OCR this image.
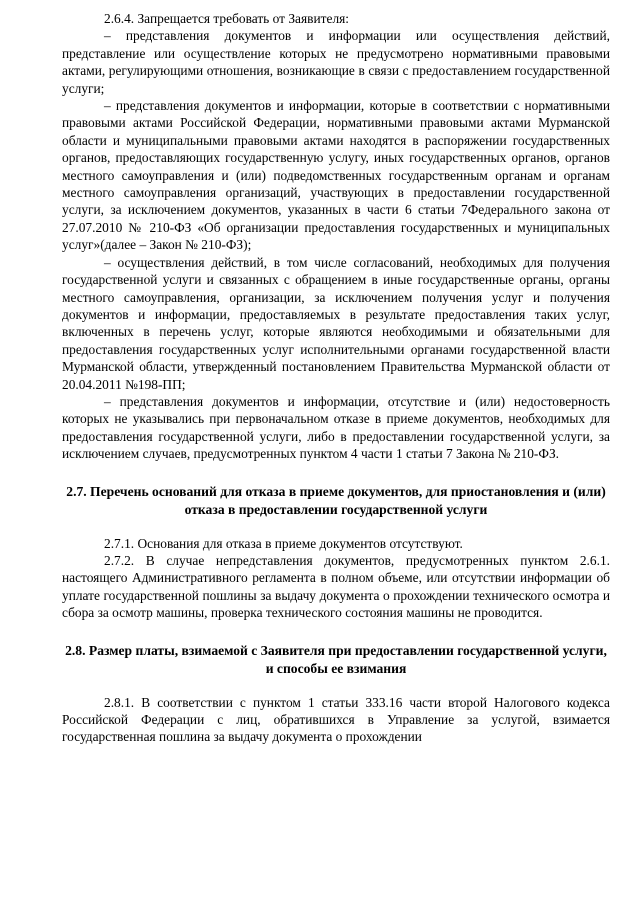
2.6.4. Запрещается требовать от Заявителя:

– представления документов и информации или осуществления действий, представление или осуществление которых не предусмотрено нормативными правовыми актами, регулирующими отношения, возникающие в связи с предоставлением государственной услуги;

– представления документов и информации, которые в соответствии с нормативными правовыми актами Российской Федерации, нормативными правовыми актами Мурманской области и муниципальными правовыми актами находятся в распоряжении государственных органов, предоставляющих государственную услугу, иных государственных органов, органов местного самоуправления и (или) подведомственных государственным органам и органам местного самоуправления организаций, участвующих в предоставлении государственной услуги, за исключением документов, указанных в части 6 статьи 7Федерального закона от 27.07.2010 № 210-ФЗ «Об организации предоставления государственных и муниципальных услуг»(далее – Закон № 210-ФЗ);

– осуществления действий, в том числе согласований, необходимых для получения государственной услуги и связанных с обращением в иные государственные органы, органы местного самоуправления, организации, за исключением получения услуг и получения документов и информации, предоставляемых в результате предоставления таких услуг, включенных в перечень услуг, которые являются необходимыми и обязательными для предоставления государственных услуг исполнительными органами государственной власти Мурманской области, утвержденный постановлением Правительства Мурманской области от 20.04.2011 №198-ПП;

– представления документов и информации, отсутствие и (или) недостоверность которых не указывались при первоначальном отказе в приеме документов, необходимых для предоставления государственной услуги, либо в предоставлении государственной услуги, за исключением случаев, предусмотренных пунктом 4 части 1 статьи 7 Закона № 210-ФЗ.

2.7. Перечень оснований для отказа в приеме документов, для приостановления и (или) отказа в предоставлении государственной услуги

2.7.1. Основания для отказа в приеме документов отсутствуют.

2.7.2. В случае непредставления документов, предусмотренных пунктом 2.6.1. настоящего Административного регламента в полном объеме, или отсутствии информации об уплате государственной пошлины за выдачу документа о прохождении технического осмотра и сбора за осмотр машины, проверка технического состояния машины не проводится.

2.8. Размер платы, взимаемой с Заявителя при предоставлении государственной услуги, и способы ее взимания

2.8.1. В соответствии с пунктом 1 статьи 333.16 части второй Налогового кодекса Российской Федерации с лиц, обратившихся в Управление за услугой, взимается государственная пошлина за выдачу документа о прохождении
